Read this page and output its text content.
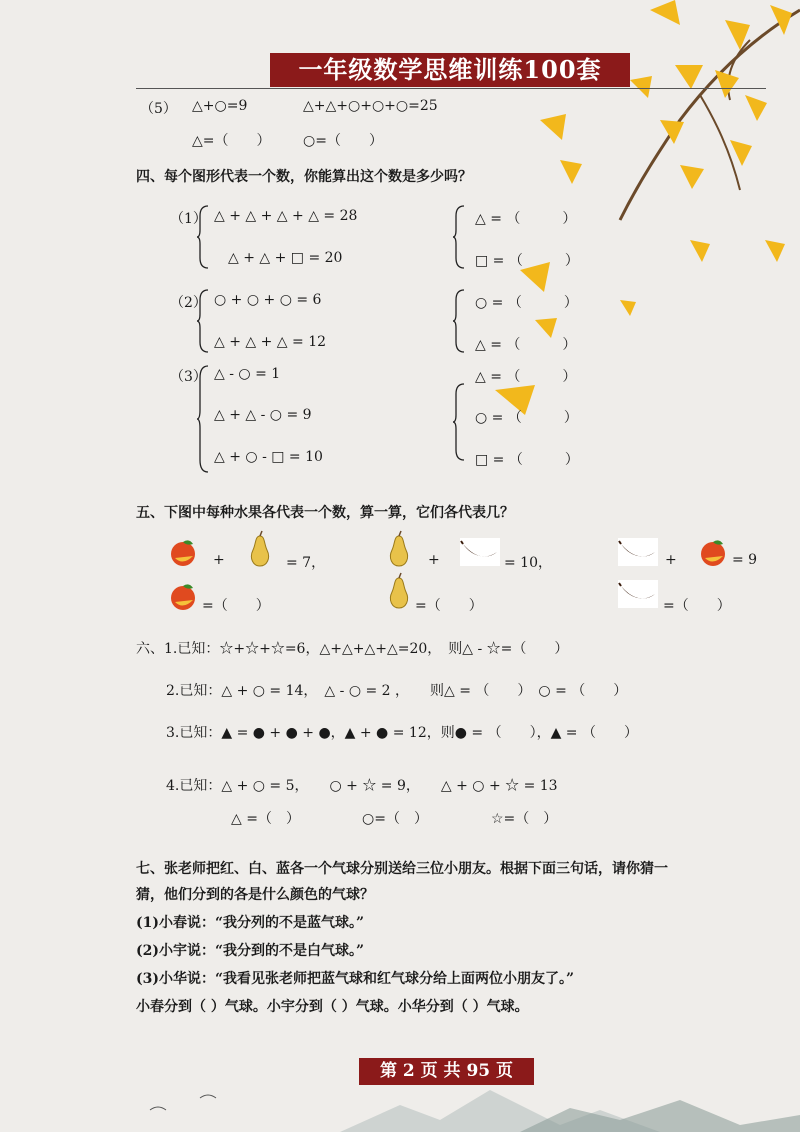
一年级数学思维训练100套
（5） △+○=9	△+△+○+○+○=25
△=（　　） ○=（　　）
四、每个图形代表一个数，你能算出这个数是多少吗？
（1） △ + △ + △ + △ = 28
△ + △ + □ = 20
△ = （　　　）
□ = （　　　）
（2） ○ + ○ + ○ = 6
△ + △ + △ = 12
○ = （　　　）
△ = （　　　）
（3） △ - ○ = 1
△ + △ - ○ = 9
△ + ○ - □ = 10
△ = （　　　）
○ = （　　　）
□ = （　　　）
五、下图中每种水果各代表一个数，算一算，它们各代表几？
+	= 7，	+	= 10，	+	= 9
=（　　）	=（　　）	=（　　）
六、1.已知：☆+☆+☆=6，△+△+△+△=20，　则△ - ☆=（　　）
2.已知：△ + ○ = 14，　△ - ○ = 2 ，　　则△ = （　　）　○ = （　　）
3.已知：▲ = ● + ● + ●，▲ + ● = 12，则● = （　　），▲ = （　　）
4.已知：△ + ○ = 5，　　○ + ☆ = 9，　　△ + ○ + ☆ = 13
△ =（　）	○=（　）	☆=（　）
七、张老师把红、白、蓝各一个气球分别送给三位小朋友。根据下面三句话，请你猜一
猜，他们分到的各是什么颜色的气球？
(1)小春说：“我分列的不是蓝气球。”
(2)小宇说：“我分到的不是白气球。”
(3)小华说：“我看见张老师把蓝气球和红气球分给上面两位小朋友了。”
小春分到（ ）气球。小宇分到（ ）气球。小华分到（ ）气球。
第 2 页 共 95 页
